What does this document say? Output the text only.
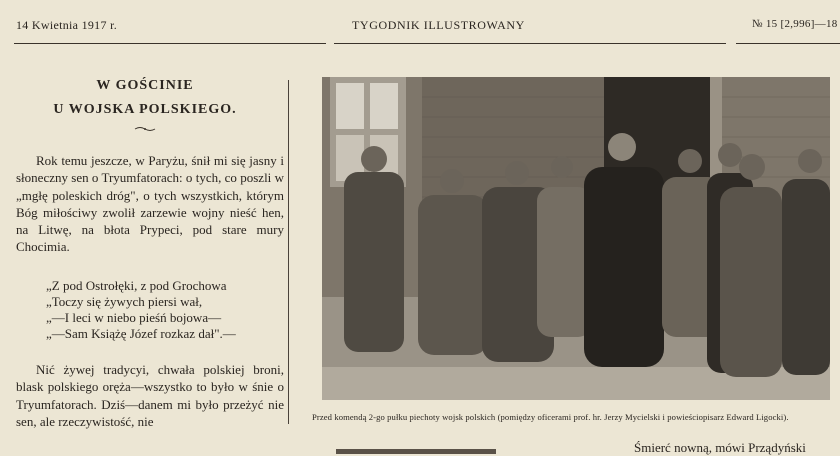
14 Kwietnia 1917 r.	TYGODNIK ILLUSTROWANY	№ 15 [2,996]—18
W GOŚCINIE
U WOJSKA POLSKIEGO.
Rok temu jeszcze, w Paryżu, śnił mi się jasny i słoneczny sen o Tryumfatorach: o tych, co poszli w „mgłę poleskich dróg", o tych wszystkich, którym Bóg miłościwy zwolił zarzewie wojny nieść hen, na Litwę, na błota Prypeci, pod stare mury Chocimia.
„Z pod Ostrołęki, z pod Grochowa
„Toczy się żywych piersi wał,
„—I leci w niebo pieśń bojowa—
„—Sam Książę Józef rozkaz dał".—
Nić żywej tradycyi, chwała polskiej broni, blask polskiego oręża—wszystko to było w śnie o Tryumfatorach. Dziś—danem mi było przeżyć nie sen, ale rzeczywistość, nie	Przed komendą 2-go pułku piechoty wojsk polskich (pomiędzy oficerami prof. hr. Jerzy Mycielski i powieściopisarz Edward Ligocki).
Śmierć nowną, mówi Prządyński
